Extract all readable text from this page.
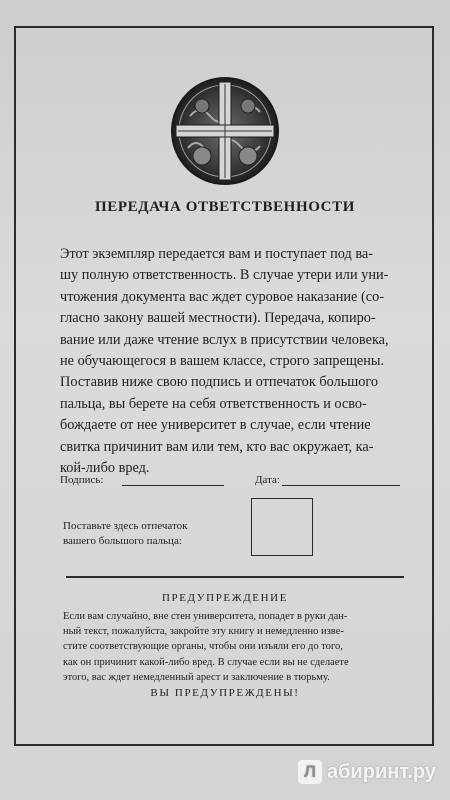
ПЕРЕДАЧА ОТВЕТСТВЕННОСТИ

Этот экземпляр передается вам и поступает под ва-

шу полную ответственность. В случае утери или уни-

чтожения документа вас ждет суровое наказание (со-

гласно закону вашей местности). Передача, копиро-

вание или даже чтение вслух в присутствии человека,

не обучающегося в вашем классе, строго запрещены.

Поставив ниже свою подпись и отпечаток большого

пальца, вы берете на себя ответственность и осво-

бождаете от нее университет в случае, если чтение

свитка причинит вам или тем, кто вас окружает, ка-

кой-либо вред.

Подпись:	Дата:
Поставьте здесь отпечаток
вашего большого пальца:
ПРЕДУПРЕЖДЕНИЕ
Если вам случайно, вне стен университета, попадет в руки дан-
ный текст, пожалуйста, закройте эту книгу и немедленно изве-
стите соответствующие органы, чтобы они изъяли его до того,
как он причинит какой-либо вред. В случае если вы не сделаете
этого, вас ждет немедленный арест и заключение в тюрьму.
ВЫ ПРЕДУПРЕЖДЕНЫ!
Л абиринт.ру
